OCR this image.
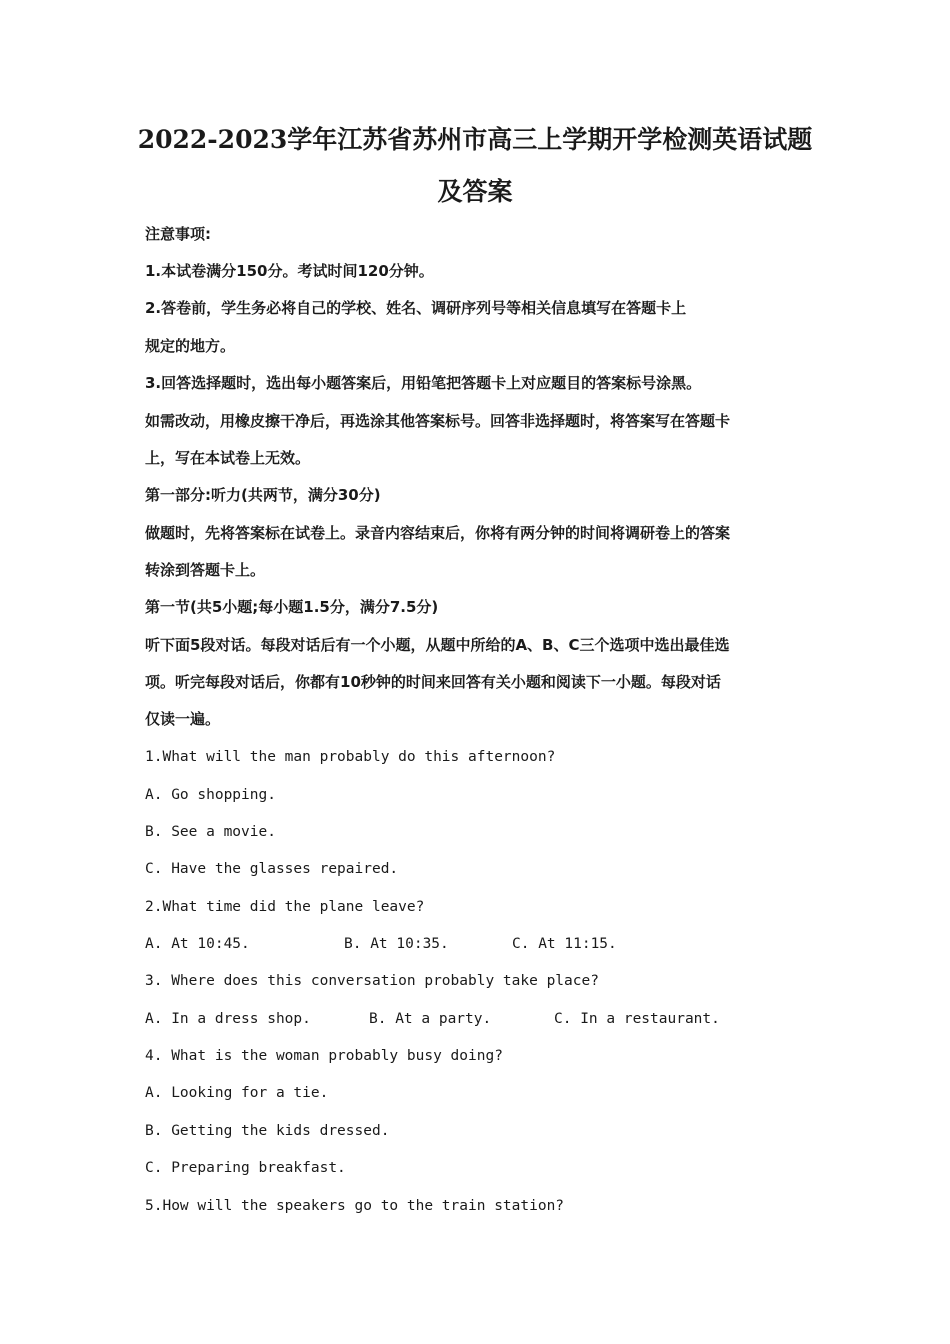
2022-2023学年江苏省苏州市高三上学期开学检测英语试题
及答案
注意事项:
1.本试卷满分150分。考试时间120分钟。
2.答卷前，学生务必将自己的学校、姓名、调研序列号等相关信息填写在答题卡上
规定的地方。
3.回答选择题时，选出每小题答案后，用铅笔把答题卡上对应题目的答案标号涂黑。
如需改动，用橡皮擦干净后，再选涂其他答案标号。回答非选择题时，将答案写在答题卡
上，写在本试卷上无效。
第一部分:听力(共两节，满分30分)
做题时，先将答案标在试卷上。录音内容结束后，你将有两分钟的时间将调研卷上的答案
转涂到答题卡上。
第一节(共5小题;每小题1.5分，满分7.5分)
听下面5段对话。每段对话后有一个小题，从题中所给的A、B、C三个选项中选出最佳选
项。听完每段对话后，你都有10秒钟的时间来回答有关小题和阅读下一小题。每段对话
仅读一遍。
1.What will the man probably do this afternoon?
A. Go shopping.
B. See a movie.
C. Have the glasses repaired.
2.What time did the plane leave?
A. At 10:45.	B. At 10:35.	C. At 11:15.
3. Where does this conversation probably take place?
A. In a dress shop.	B. At a party.	C. In a restaurant.
4. What is the woman probably busy doing?
A. Looking for a tie.
B. Getting the kids dressed.
C. Preparing breakfast.
5.How will the speakers go to the train station?
